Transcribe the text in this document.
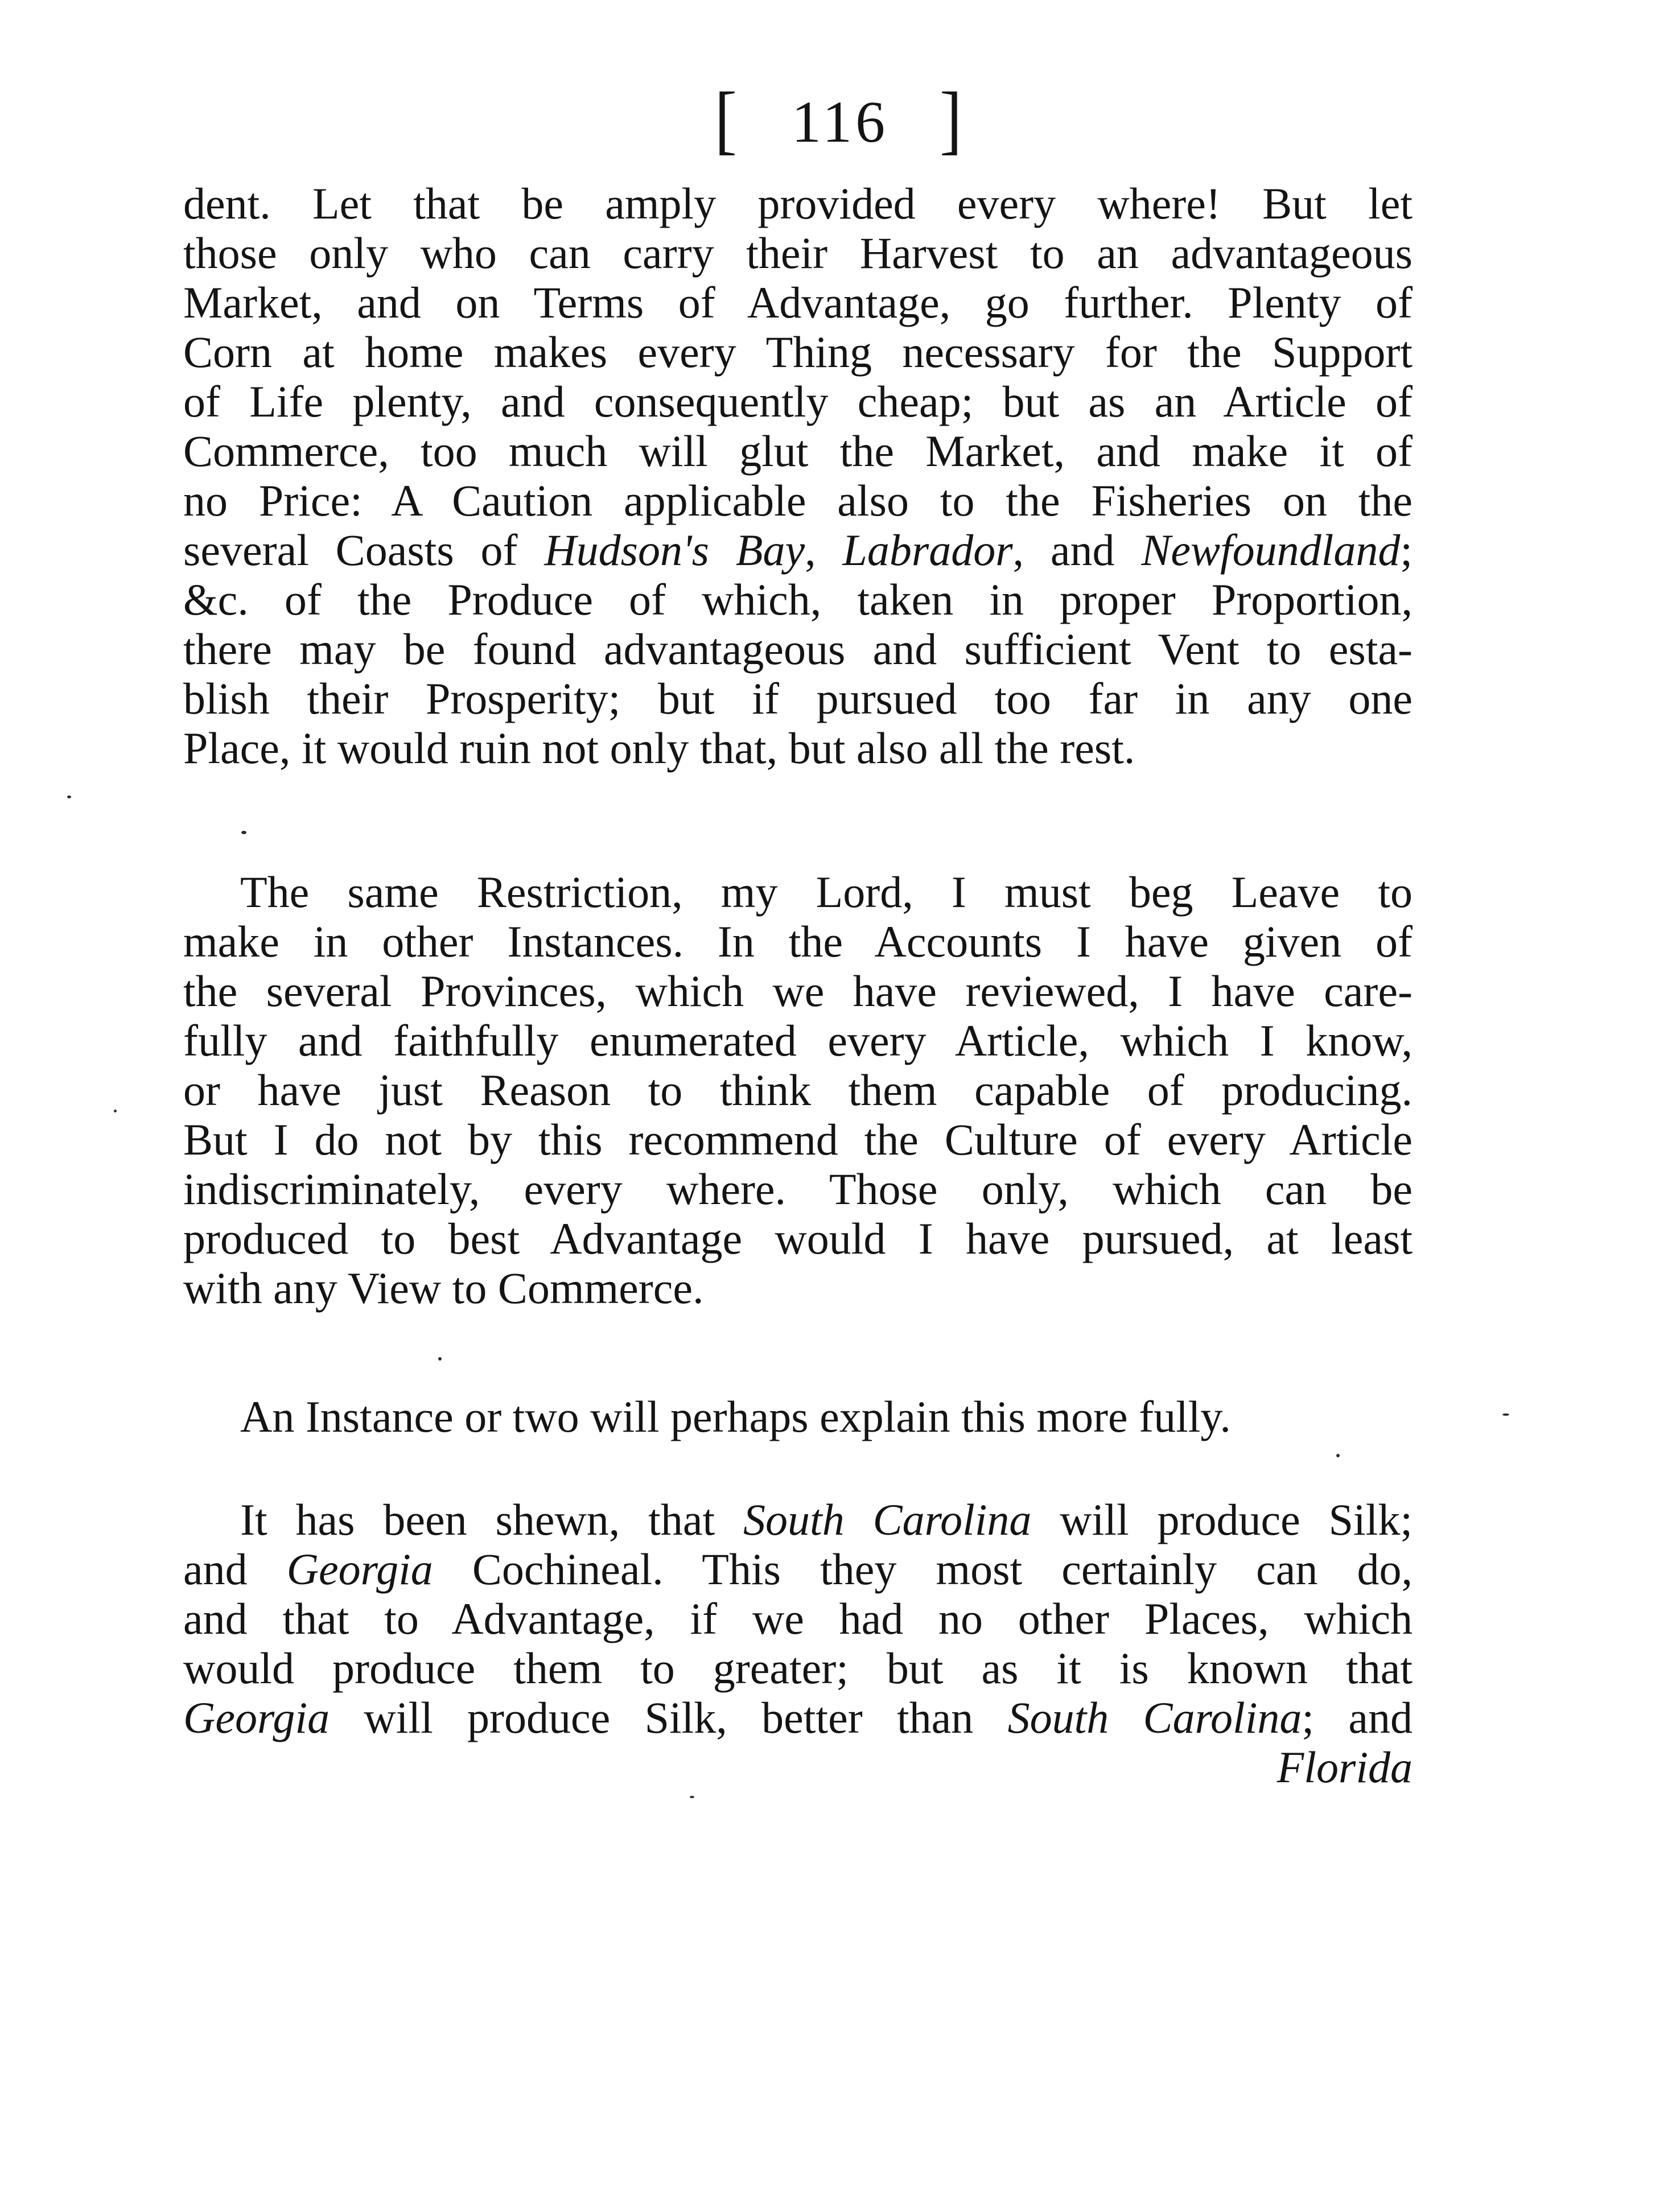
[ 116 ]
dent. Let that be amply provided every where! But let
those only who can carry their Harvest to an advantageous
Market, and on Terms of Advantage, go further. Plenty of
Corn at home makes every Thing necessary for the Support
of Life plenty, and consequently cheap; but as an Article of
Commerce, too much will glut the Market, and make it of
no Price: A Caution applicable also to the Fisheries on the
several Coasts of Hudson's Bay, Labrador, and Newfoundland;
&c. of the Produce of which, taken in proper Proportion,
there may be found advantageous and sufficient Vent to esta-
blish their Prosperity; but if pursued too far in any one
Place, it would ruin not only that, but also all the rest.
The same Restriction, my Lord, I must beg Leave to
make in other Instances. In the Accounts I have given of
the several Provinces, which we have reviewed, I have care-
fully and faithfully enumerated every Article, which I know,
or have just Reason to think them capable of producing.
But I do not by this recommend the Culture of every Article
indiscriminately, every where. Those only, which can be
produced to best Advantage would I have pursued, at least
with any View to Commerce.
An Instance or two will perhaps explain this more fully.
It has been shewn, that South Carolina will produce Silk;
and Georgia Cochineal. This they most certainly can do,
and that to Advantage, if we had no other Places, which
would produce them to greater; but as it is known that
Georgia will produce Silk, better than South Carolina; and
Florida
